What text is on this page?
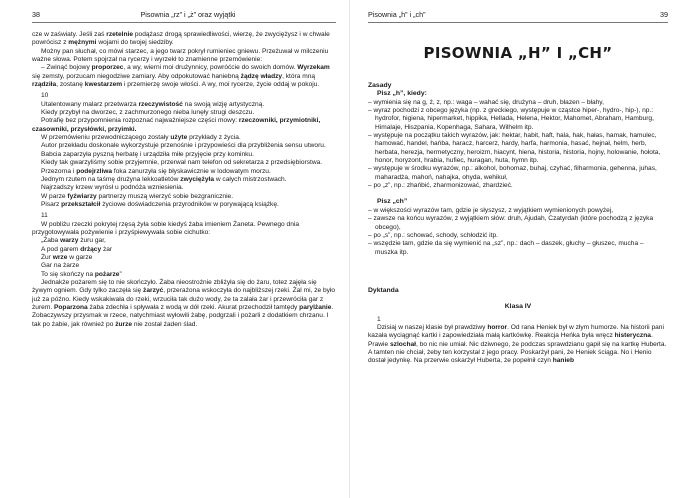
38	Pisownia „rz” i „ż” oraz wyjątki

cze w zaświaty. Jeśli zaś rzetelnie podążasz drogą sprawiedliwości, wierzę, że zwyciężysz i w chwale powrócisz z mężnymi wojami do twojej siedziby.

Możny pan słuchał, co mówi starzec, a jego twarz pokrył rumieniec gniewu. Przeżuwał w milczeniu ważne słowa. Potem spojrzał na rycerzy i wyrzekł to znamienne przemówienie:

– Zwinąć bojowy proporzec, a wy, wierni moi drużynnicy, powróćcie do swoich domów. Wyrzekam się zemsty, porzucam niegodziwe zamiary. Aby odpokutować haniebną żądzę władzy, która mną rządziła, zostanę kwestarzem i przemierzę swoje włości. A wy, moi rycerze, życie oddaj w pokoju.

10

Utalentowany malarz przetwarza rzeczywistość na swoją wizję artystyczną.

Kiedy przybył na dworzec, z zachmurzonego nieba lunęły strugi deszczu.

Potrafię bez przypomnienia rozpoznać najważniejsze części mowy: rzeczowniki, przymiotniki, czasowniki, przysłówki, przyimki.

W przemówieniu przewodniczącego zostały użyte przykłady z życia.

Autor przekładu doskonale wykorzystuje przenośnie i przypowieści dla przybliżenia sensu utworu.

Babcia zaparzyła pyszną herbatę i urządziła miłe przyjęcie przy kominku.

Kiedy tak gwarzyliśmy sobie przyjemnie, przerwał nam telefon od sekretarza z przedsiębiorstwa.

Przezorna i podejrzliwa foka zanurzyła się błyskawicznie w lodowatym morzu.

Jednym rzutem na taśmę drużyna lekkoatletów zwyciężyła w całych mistrzostwach.

Najrzadszy krzew wyrósł u podnóża wzniesienia.

W parze fyźwiarzy partnerzy muszą wierzyć sobie bezgranicznie.

Pisarz przekształcił życiowe doświadczenia przyrodników w porywającą książkę.

11

W pobliżu rzeczki pokrytej rzęsą żyła sobie kiedyś żaba imieniem Żaneta. Pewnego dnia przygotowywała pożywienie i przyśpiewywała sobie cichutko:

„Żaba warzy żuru gar,

A pod garem drżący żar

Żur wrze w garze

Gar na żarze

To się skończy na pożarze”

Jednakże pożarem się to nie skończyło. Żaba nieostrożnie zbliżyła się do żaru, totez zajęła się żywym ogniem. Gdy tylko zaczęła się żarzyć, przerażona wskoczyła do najbliższej rzeki. Żal mi, że było już za późno. Kiedy wskakiwała do rzeki, wrzuciła tak dużo wody, że ta zalała żar i przewróciła gar z żurem. Poparzona żaba zdechła i spływała z wodą w dół rzeki. Akurat przechodził tamtędy parylżanie. Zobaczywszy przysmak w rzece, natychmiast wyłowili żabę, podgrzali i pożarli z dodatkiem chrzanu. I tak po żabie, jak również po żurze nie został żaden ślad.

Pisownia „h” i „ch”	39
PISOWNIA „H” I „CH”

Zasady

Pisz „h”, kiedy:

– wymienia się na g, ż, z, np.: waga – wahać się, drużyna – druh, błazen – błahy,

– wyraz pochodzi z obcego języka (np. z greckiego, występuje w cząstce hiper-, hydro-, hip-), np.: hydrofor, higiena, hipermarket, hippika, Hellada, Helena, Hektor, Mahomet, Abraham, Hamburg, Himalaje, Hiszpania, Kopenhaga, Sahara, Wilhelm itp.

– występuje na początku takich wyrazów, jak: hektar, habit, haft, hala, hak, hałas, hamak, hamulec, hamować, handel, hańba, haracz, harcerz, hardy, harfa, harmonia, hasać, hejnał, helm, herb, herbata, herezja, hermetyczny, heroizm, hiacynt, hiena, historia, historia, hojny, holowanie, hołota, honor, horyzont, hrabia, hufiec, huragan, huta, hymn itp.

– występuje w środku wyrazów, np.: alkohol, bohomaz, buhaj, czyhać, filharmonia, gehenna, juhas, maharadża, mahoń, nahajka, ohyda, wehikuł,

– po „z”, np.: zhańbić, zharmonizować, zhardzieć.

Pisz „ch”

– w większości wyrazów tam, gdzie je słyszysz, z wyjątkiem wymienionych powyżej,

– zawsze na końcu wyrazów, z wyjątkiem słów: druh, Ajudah, Czatyrdah (które pochodzą z języka obcego),

– po „s”, np.: schować, schody, schłodzić itp.

– wszędzie tam, gdzie da się wymienić na „sz”, np.: dach – daszek, głuchy – głuszec, mucha – muszka itp.

Dyktanda

Klasa IV

1

Dzisiaj w naszej klasie był prawdziwy horror. Od rana Heniek był w złym humorze. Na historii pani kazała wyciągnąć kartki i zapowiedziała małą kartkówkę. Reakcja Heńka była wręcz histeryczna. Prawie szlochał, bo nic nie umiał. Nic dziwnego, że podczas sprawdzianu gapił się na kartkę Huberta. A tamten nie chciał, żeby ten korzystał z jego pracy. Poskarżył pani, że Heniek ściąga. No i Henio dostał jedynkę. Na przerwie oskarżył Huberta, że popełnił czyn hanieb
